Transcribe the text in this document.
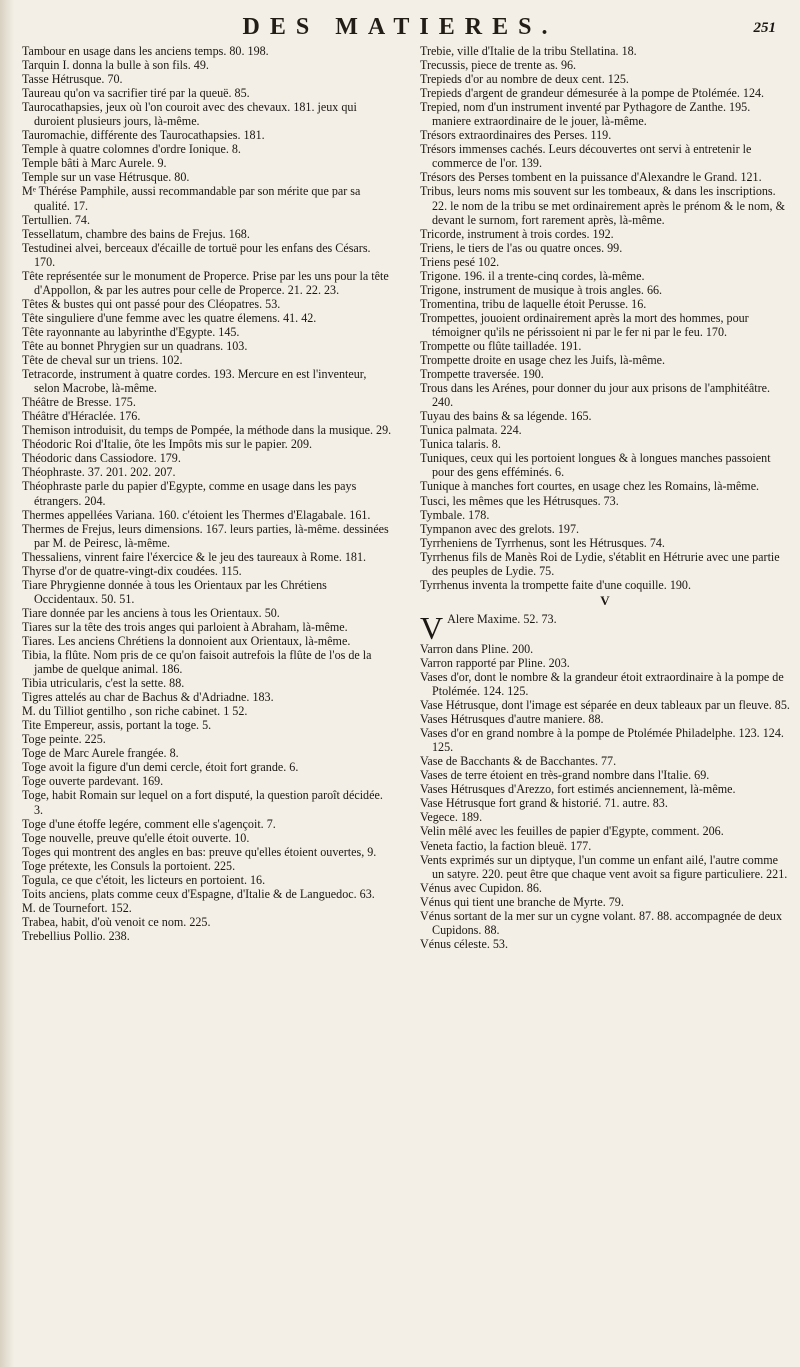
DES MATIERES.	251

Tambour en usage dans les anciens temps. 80. 198.

Tarquin I. donna la bulle à son fils. 49.

Tasse Hétrusque. 70.

Taureau qu'on va sacrifier tiré par la queuë. 85.

Taurocathapsies, jeux où l'on couroit avec des chevaux. 181. jeux qui duroient plusieurs jours, là-même.

Tauromachie, différente des Taurocathapsies. 181.

Temple à quatre colomnes d'ordre Ionique. 8.

Temple bâti à Marc Aurele. 9.

Temple sur un vase Hétrusque. 80.

Mᵉ Thérése Pamphile, aussi recommandable par son mérite que par sa qualité. 17.

Tertullien. 74.

Tessellatum, chambre des bains de Frejus. 168.

Testudinei alvei, berceaux d'écaille de tortuë pour les enfans des Césars. 170.

Tête représentée sur le monument de Properce. Prise par les uns pour la tête d'Appollon, & par les autres pour celle de Properce. 21. 22. 23.

Têtes & bustes qui ont passé pour des Cléopatres. 53.

Tête singuliere d'une femme avec les quatre élemens. 41. 42.

Tête rayonnante au labyrinthe d'Egypte. 145.

Tête au bonnet Phrygien sur un quadrans. 103.

Tête de cheval sur un triens. 102.

Tetracorde, instrument à quatre cordes. 193. Mercure en est l'inventeur, selon Macrobe, là-même.

Théâtre de Bresse. 175.

Théâtre d'Héraclée. 176.

Themison introduisit, du temps de Pompée, la méthode dans la musique. 29.

Théodoric Roi d'Italie, ôte les Impôts mis sur le papier. 209.

Théodoric dans Cassiodore. 179.

Théophraste. 37. 201. 202. 207.

Théophraste parle du papier d'Egypte, comme en usage dans les pays étrangers. 204.

Thermes appellées Variana. 160. c'étoient les Thermes d'Elagabale. 161.

Thermes de Frejus, leurs dimensions. 167. leurs parties, là-même. dessinées par M. de Peiresc, là-même.

Thessaliens, vinrent faire l'éxercice & le jeu des taureaux à Rome. 181.

Thyrse d'or de quatre-vingt-dix coudées. 115.

Tiare Phrygienne donnée à tous les Orientaux par les Chrétiens Occidentaux. 50. 51.

Tiare donnée par les anciens à tous les Orientaux. 50.

Tiares sur la tête des trois anges qui parloient à Abraham, là-même.

Tiares. Les anciens Chrétiens la donnoient aux Orientaux, là-même.

Tibia, la flûte. Nom pris de ce qu'on faisoit autrefois la flûte de l'os de la jambe de quelque animal. 186.

Tibia utricularis, c'est la sette. 88.

Tigres attelés au char de Bachus & d'Adriadne. 183.

M. du Tilliot gentilho , son riche cabinet. 1 52.

Tite Empereur, assis, portant la toge. 5.

Toge peinte. 225.

Toge de Marc Aurele frangée. 8.

Toge avoit la figure d'un demi cercle, étoit fort grande. 6.

Toge ouverte pardevant. 169.

Toge, habit Romain sur lequel on a fort disputé, la question paroît décidée. 3.

Toge d'une étoffe legére, comment elle s'agençoit. 7.

Toge nouvelle, preuve qu'elle étoit ouverte. 10.

Toges qui montrent des angles en bas: preuve qu'elles étoient ouvertes, 9.

Toge prétexte, les Consuls la portoient. 225.

Togula, ce que c'étoit, les licteurs en portoient. 16.

Toits anciens, plats comme ceux d'Espagne, d'Italie & de Languedoc. 63.

M. de Tournefort. 152.

Trabea, habit, d'où venoit ce nom. 225.

Trebellius Pollio. 238.

Trebie, ville d'Italie de la tribu Stellatina. 18.

Trecussis, piece de trente as. 96.

Trepieds d'or au nombre de deux cent. 125.

Trepieds d'argent de grandeur démesurée à la pompe de Ptolémée. 124.

Trepied, nom d'un instrument inventé par Pythagore de Zanthe. 195. maniere extraordinaire de le jouer, là-même.

Trésors extraordinaires des Perses. 119.

Trésors immenses cachés. Leurs découvertes ont servi à entretenir le commerce de l'or. 139.

Trésors des Perses tombent en la puissance d'Alexandre le Grand. 121.

Tribus, leurs noms mis souvent sur les tombeaux, & dans les inscriptions. 22. le nom de la tribu se met ordinairement après le prénom & le nom, & devant le surnom, fort rarement après, là-même.

Tricorde, instrument à trois cordes. 192.

Triens, le tiers de l'as ou quatre onces. 99.

Triens pesé 102.

Trigone. 196. il a trente-cinq cordes, là-même.

Trigone, instrument de musique à trois angles. 66.

Tromentina, tribu de laquelle étoit Perusse. 16.

Trompettes, jouoient ordinairement après la mort des hommes, pour témoigner qu'ils ne périssoient ni par le fer ni par le feu. 170.

Trompette ou flûte tailladée. 191.

Trompette droite en usage chez les Juifs, là-même.

Trompette traversée. 190.

Trous dans les Arénes, pour donner du jour aux prisons de l'amphitéâtre. 240.

Tuyau des bains & sa légende. 165.

Tunica palmata. 224.

Tunica talaris. 8.

Tuniques, ceux qui les portoient longues & à longues manches passoient pour des gens efféminés. 6.

Tunique à manches fort courtes, en usage chez les Romains, là-même.

Tusci, les mêmes que les Hétrusques. 73.

Tymbale. 178.

Tympanon avec des grelots. 197.

Tyrrheniens de Tyrrhenus, sont les Hétrusques. 74.

Tyrrhenus fils de Manès Roi de Lydie, s'établit en Hétrurie avec une partie des peuples de Lydie. 75.

Tyrrhenus inventa la trompette faite d'une coquille. 190.

V

V Alere Maxime. 52. 73.

Varron dans Pline. 200.

Varron rapporté par Pline. 203.

Vases d'or, dont le nombre & la grandeur étoit extraordinaire à la pompe de Ptolémée. 124. 125.

Vase Hétrusque, dont l'image est séparée en deux tableaux par un fleuve. 85.

Vases Hétrusques d'autre maniere. 88.

Vases d'or en grand nombre à la pompe de Ptolémée Philadelphe. 123. 124. 125.

Vase de Bacchants & de Bacchantes. 77.

Vases de terre étoient en très-grand nombre dans l'Italie. 69.

Vases Hétrusques d'Arezzo, fort estimés anciennement, là-même.

Vase Hétrusque fort grand & historié. 71. autre. 83.

Vegece. 189.

Velin mêlé avec les feuilles de papier d'Egypte, comment. 206.

Veneta factio, la faction bleuë. 177.

Vents exprimés sur un diptyque, l'un comme un enfant ailé, l'autre comme un satyre. 220. peut être que chaque vent avoit sa figure particuliere. 221.

Vénus avec Cupidon. 86.

Vénus qui tient une branche de Myrte. 79.

Vénus sortant de la mer sur un cygne volant. 87. 88. accompagnée de deux Cupidons. 88.

Vénus céleste. 53.
